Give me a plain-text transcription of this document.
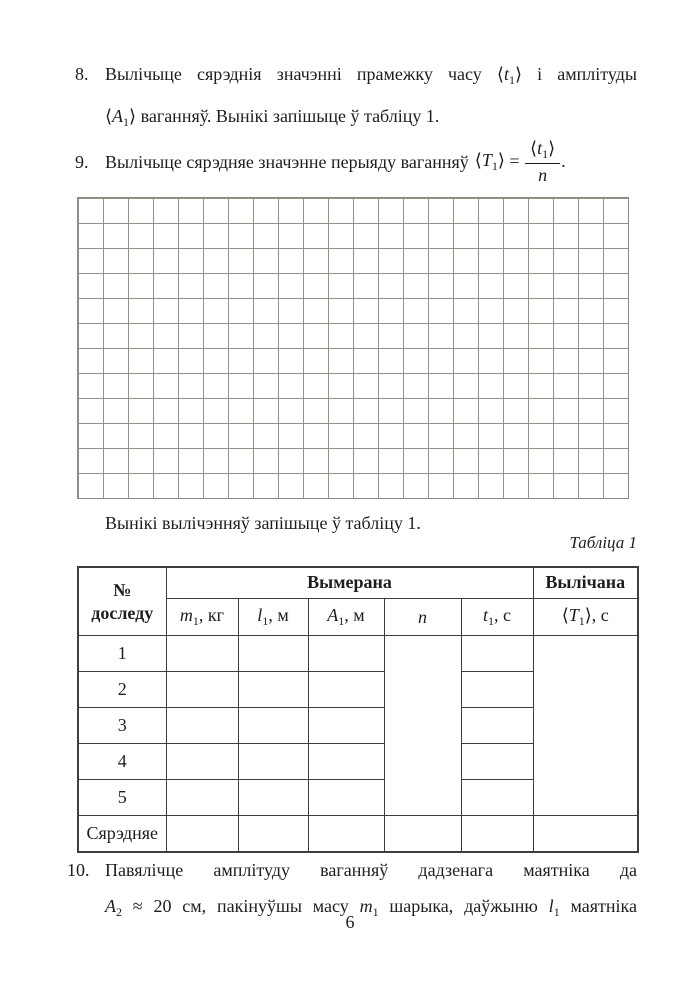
8. Вылічыце сярэднія значэнні прамежку часу $⟨t_1⟩$ і амплітуды
$⟨A_1⟩$ ваганняў. Вынікі запішыце ў табліцу 1.
9. Вылічыце сярэдняе значэнне перыяду ваганняў $⟨T_1⟩ = \frac{⟨t_1⟩}{n}$ .
Вынікі вылічэнняў запішыце ў табліцу 1.
Табліца 1
№ доследу	Вымерана					Вылічана
	$m_1$, кг	$l_1$, м	$A_1$, м	n	$t_1$, с	$⟨T_1⟩$, с
1						
2						
3						
4						
5						
Сярэдняе						
10. Павялічце амплітуду ваганняў дадзенага маятніка да
$A_2 \approx 20$ см, пакінуўшы масу $m_1$ шарыка, даўжыню $l_1$ маятніка
6
